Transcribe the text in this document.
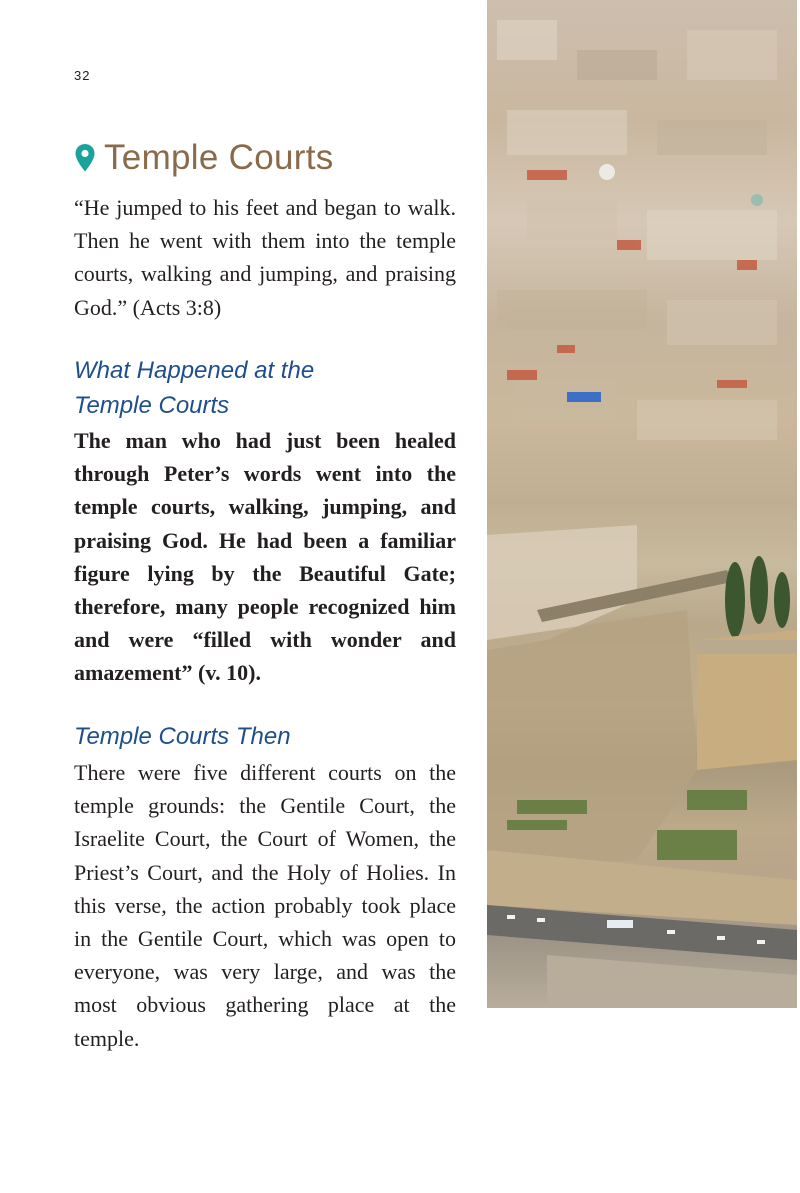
32
Temple Courts

“He jumped to his feet and began to walk. Then he went with them into the temple courts, walking and jumping, and praising God.” (Acts 3:8)

What Happened at the

Temple Courts

The man who had just been healed through Peter’s words went into the temple courts, walking, jumping, and praising God. He had been a familiar figure lying by the Beautiful Gate; therefore, many people recognized him and were “filled with wonder and amazement” (v. 10).

Temple Courts Then

There were five different courts on the temple grounds: the Gentile Court, the Israelite Court, the Court of Women, the Priest’s Court, and the Holy of Holies. In this verse, the action probably took place in the Gentile Court, which was open to everyone, was very large, and was the most obvious gathering place at the temple.
